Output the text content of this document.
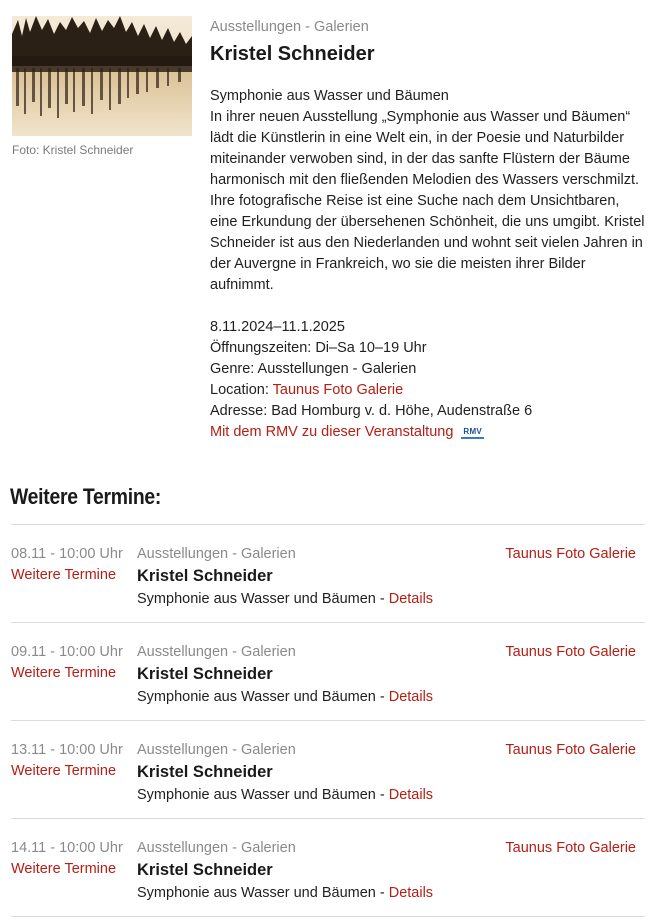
Foto: Kristel Schneider
Ausstellungen - Galerien
Kristel Schneider
Symphonie aus Wasser und Bäumen
In ihrer neuen Ausstellung „Symphonie aus Wasser und Bäumen“ lädt die Künstlerin in eine Welt ein, in der Poesie und Naturbilder miteinander verwoben sind, in der das sanfte Flüstern der Bäume harmonisch mit den fließenden Melodien des Wassers verschmilzt. Ihre fotografische Reise ist eine Suche nach dem Unsichtbaren, eine Erkundung der übersehenen Schönheit, die uns umgibt. Kristel Schneider ist aus den Niederlanden und wohnt seit vielen Jahren in der Auvergne in Frankreich, wo sie die meisten ihrer Bilder aufnimmt.
8.11.2024–11.1.2025
Öffnungszeiten: Di–Sa 10–19 Uhr
Genre: Ausstellungen - Galerien
Location: Taunus Foto Galerie
Adresse: Bad Homburg v. d. Höhe, Audenstraße 6
Mit dem RMV zu dieser Veranstaltung RMV
Weitere Termine:
08.11 - 10:00 Uhr
Weitere Termine
Ausstellungen - Galerien
Kristel Schneider
Symphonie aus Wasser und Bäumen - Details
Taunus Foto Galerie
09.11 - 10:00 Uhr
Weitere Termine
Ausstellungen - Galerien
Kristel Schneider
Symphonie aus Wasser und Bäumen - Details
Taunus Foto Galerie
13.11 - 10:00 Uhr
Weitere Termine
Ausstellungen - Galerien
Kristel Schneider
Symphonie aus Wasser und Bäumen - Details
Taunus Foto Galerie
14.11 - 10:00 Uhr
Weitere Termine
Ausstellungen - Galerien
Kristel Schneider
Symphonie aus Wasser und Bäumen - Details
Taunus Foto Galerie
